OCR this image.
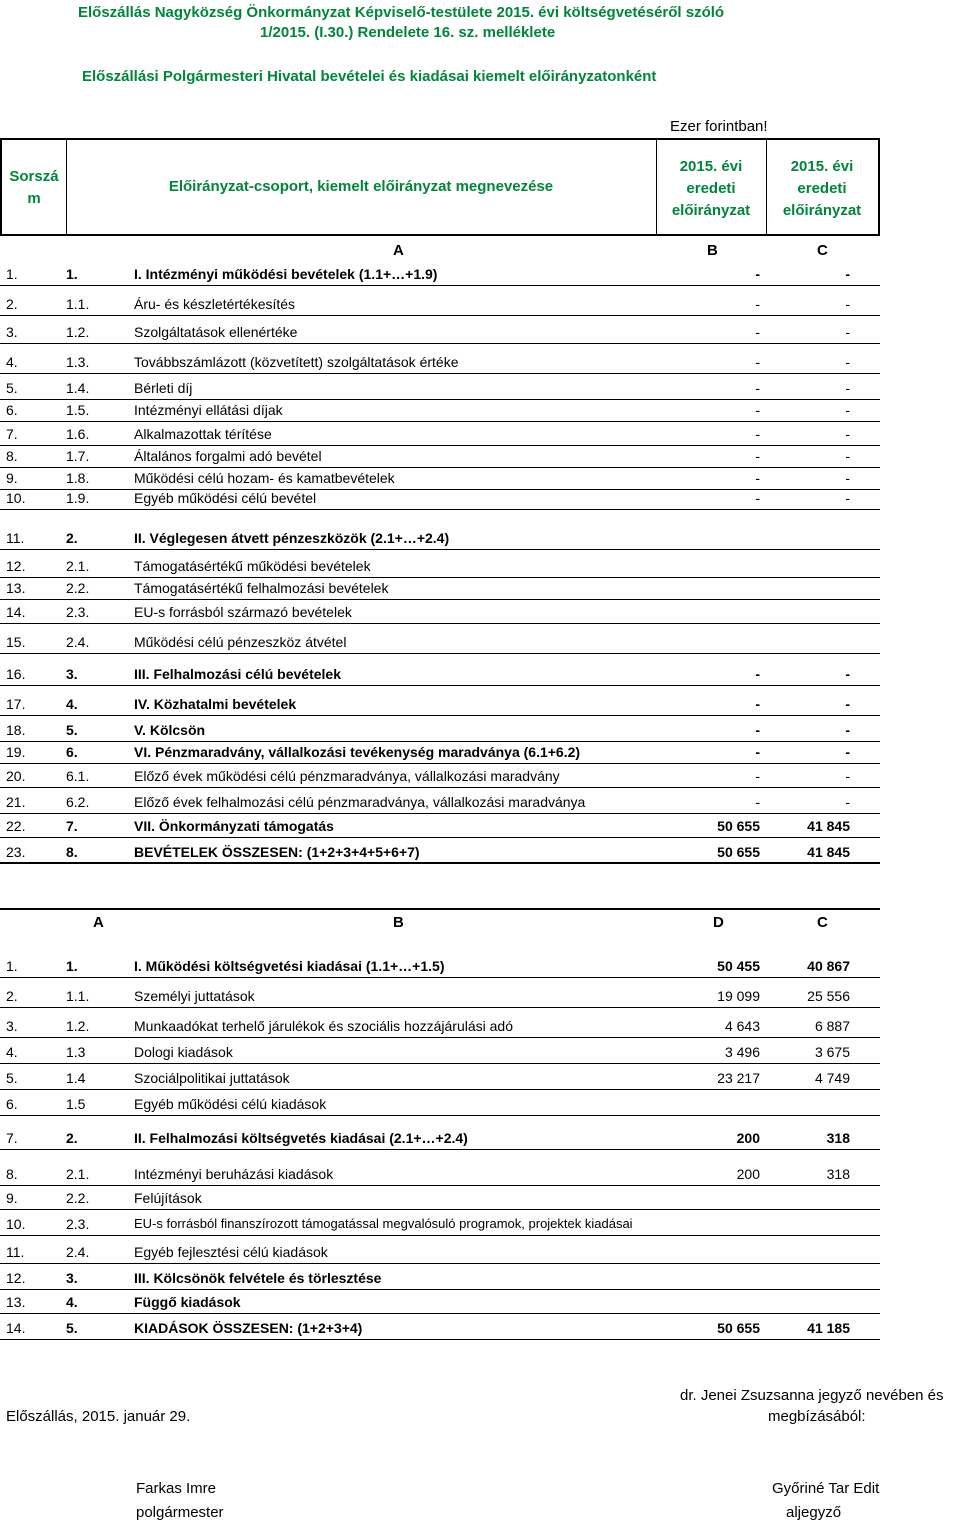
Előszállás Nagyközség Önkormányzat Képviselő-testülete 2015. évi költségvetéséről szóló
1/2015. (I.30.) Rendelete 16. sz. melléklete
Előszállási Polgármesteri Hivatal bevételei és kiadásai kiemelt előirányzatonként
Ezer forintban!
Sorszá
m
Előirányzat-csoport, kiemelt előirányzat megnevezése
2015. évi
eredeti
előirányzat
2015. évi
eredeti
előirányzat
A	B	C
1.	1.	I. Intézményi működési bevételek (1.1+…+1.9)	-	-
2.	1.1.	Áru- és készletértékesítés	-	-
3.	1.2.	Szolgáltatások ellenértéke	-	-
4.	1.3.	Továbbszámlázott (közvetített) szolgáltatások értéke	-	-
5.	1.4.	Bérleti díj	-	-
6.	1.5.	Intézményi ellátási díjak	-	-
7.	1.6.	Alkalmazottak térítése	-	-
8.	1.7.	Általános forgalmi adó bevétel	-	-
9.	1.8.	Működési célú hozam- és kamatbevételek	-	-
10.	1.9.	Egyéb működési célú bevétel	-	-
11.	2.	II. Véglegesen átvett pénzeszközök (2.1+…+2.4)
12.	2.1.	Támogatásértékű működési bevételek
13.	2.2.	Támogatásértékű felhalmozási bevételek
14.	2.3.	EU-s forrásból származó bevételek
15.	2.4.	Működési célú pénzeszköz átvétel
16.	3.	III. Felhalmozási célú bevételek	-	-
17.	4.	IV. Közhatalmi bevételek	-	-
18.	5.	V. Kölcsön	-	-
19.	6.	VI. Pénzmaradvány, vállalkozási tevékenység maradványa (6.1+6.2)	-	-
20.	6.1.	Előző évek működési célú pénzmaradványa, vállalkozási maradvány	-	-
21.	6.2.	Előző évek felhalmozási célú pénzmaradványa, vállalkozási maradványa	-	-
22.	7.	VII. Önkormányzati támogatás	50 655	41 845
23.	8.	BEVÉTELEK ÖSSZESEN: (1+2+3+4+5+6+7)	50 655	41 845
A	B	D	C
1.	1.	I. Működési költségvetési kiadásai (1.1+…+1.5)	50 455	40 867
2.	1.1.	Személyi juttatások	19 099	25 556
3.	1.2.	Munkaadókat terhelő járulékok és szociális hozzájárulási adó	4 643	6 887
4.	1.3	Dologi kiadások	3 496	3 675
5.	1.4	Szociálpolitikai juttatások	23 217	4 749
6.	1.5	Egyéb működési célú kiadások
7.	2.	II. Felhalmozási költségvetés kiadásai (2.1+…+2.4)	200	318
8.	2.1.	Intézményi beruházási kiadások	200	318
9.	2.2.	Felújítások
10.	2.3.	EU-s forrásból finanszírozott támogatással megvalósuló programok, projektek kiadásai
11.	2.4.	Egyéb fejlesztési célú kiadások
12.	3.	III. Kölcsönök felvétele és törlesztése
13.	4.	Függő kiadások
14.	5.	KIADÁSOK ÖSSZESEN: (1+2+3+4)	50 655	41 185
Előszállás, 2015. január 29.
dr. Jenei Zsuzsanna jegyző nevében és
megbízásából:
Farkas Imre
polgármester
Győriné Tar Edit
aljegyző
